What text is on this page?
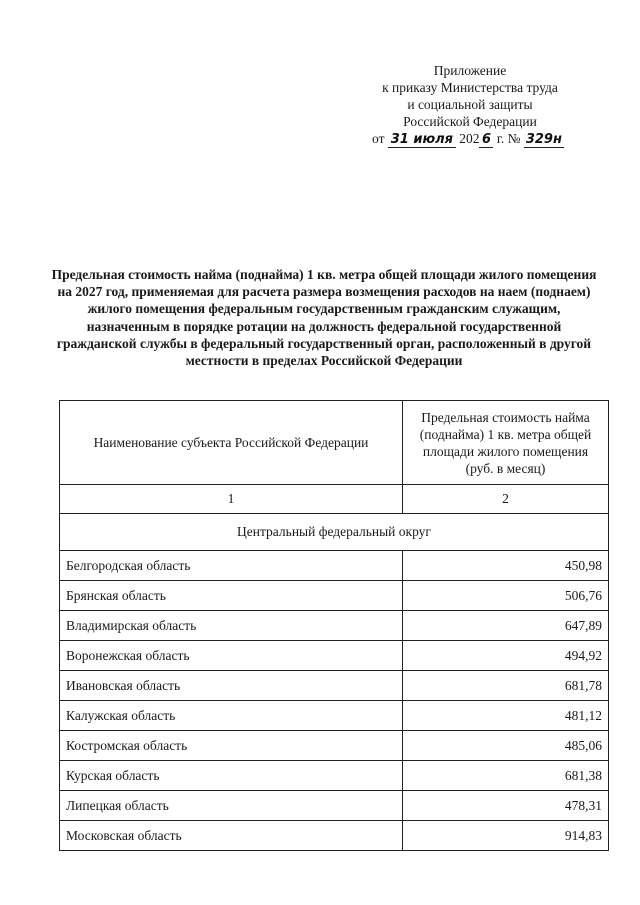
Приложение
к приказу Министерства труда
и социальной защиты
Российской Федерации
от 31 июля 202 6 г. № 329н
Предельная стоимость найма (поднайма) 1 кв. метра общей площади жилого помещения на 2027 год, применяемая для расчета размера возмещения расходов на наем (поднаем) жилого помещения федеральным государственным гражданским служащим, назначенным в порядке ротации на должность федеральной государственной гражданской службы в федеральный государственный орган, расположенный в другой местности в пределах Российской Федерации
Наименование субъекта Российской Федерации	Предельная стоимость найма (поднайма) 1 кв. метра общей площади жилого помещения (руб. в месяц)
1	2
Центральный федеральный округ	
Белгородская область	450,98
Брянская область	506,76
Владимирская область	647,89
Воронежская область	494,92
Ивановская область	681,78
Калужская область	481,12
Костромская область	485,06
Курская область	681,38
Липецкая область	478,31
Московская область	914,83
